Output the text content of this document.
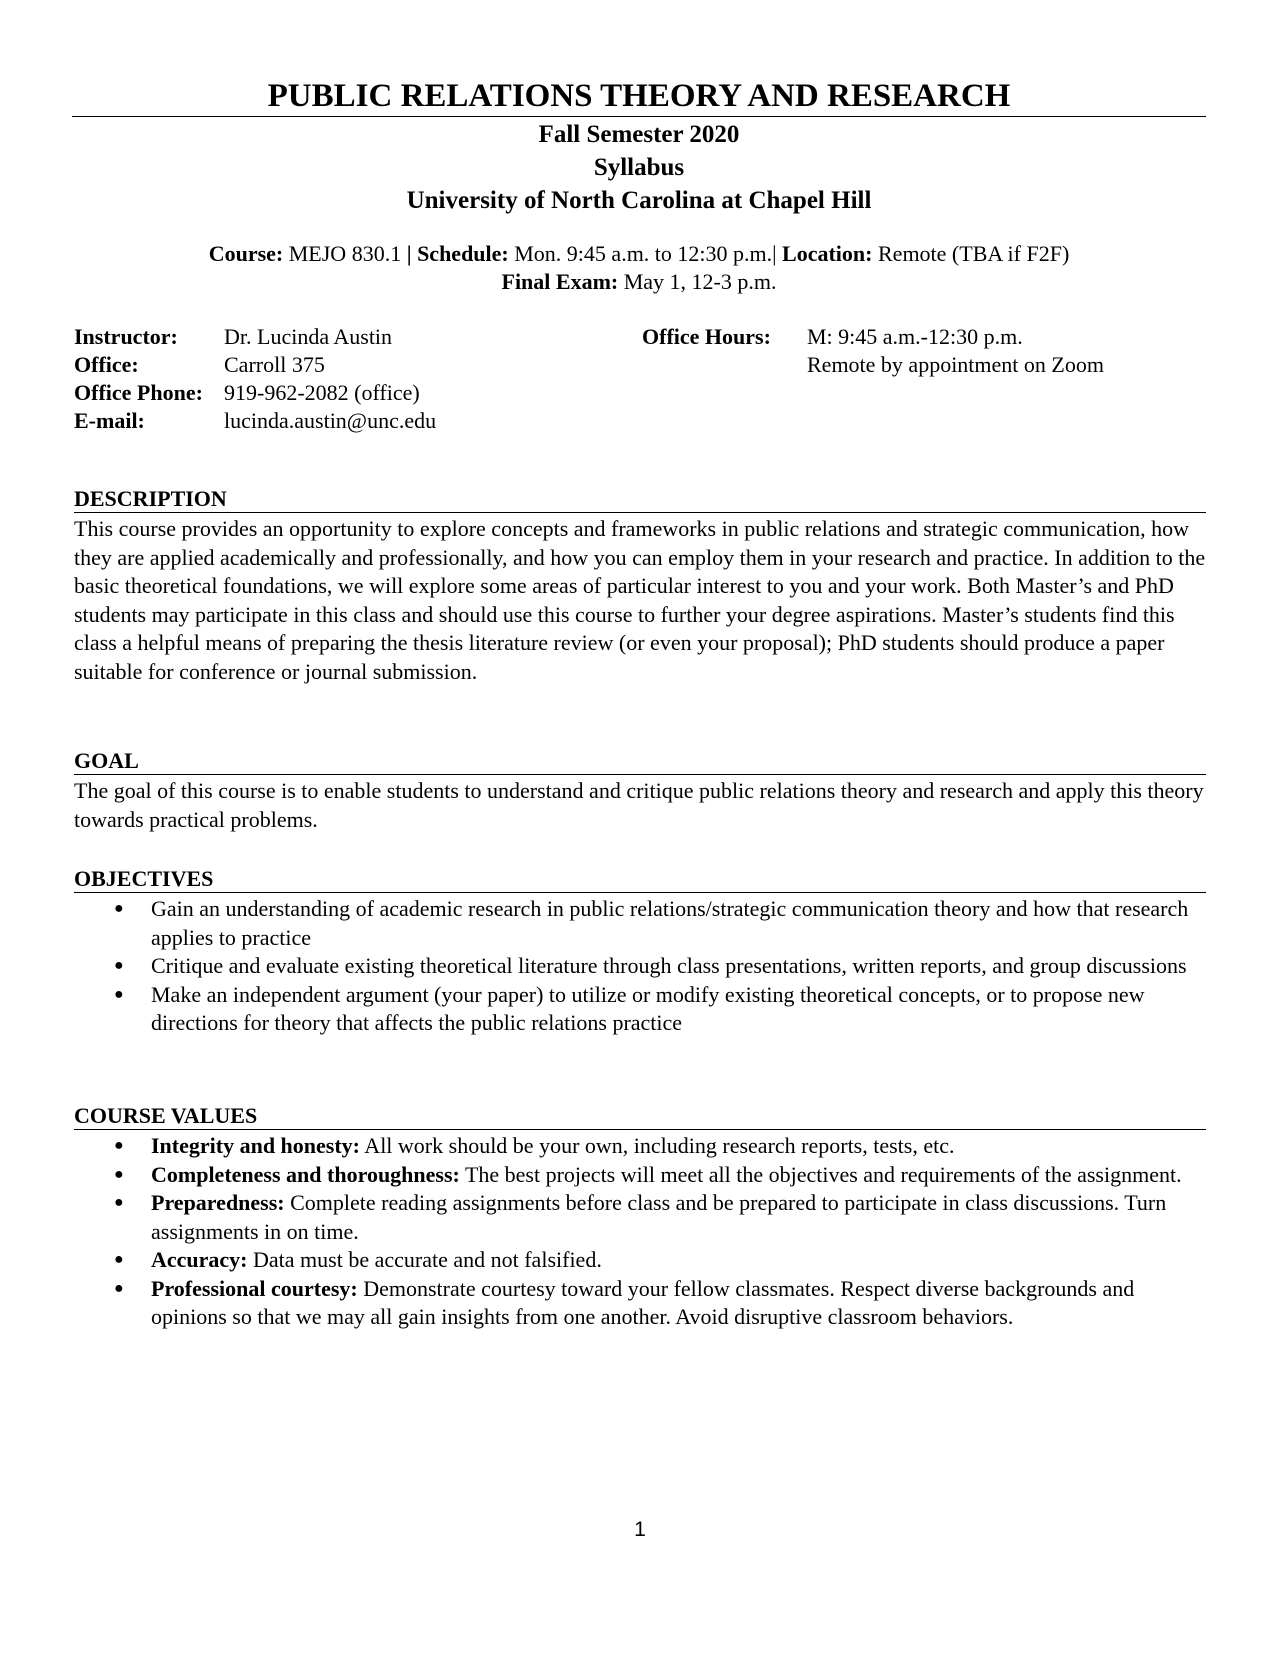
PUBLIC RELATIONS THEORY AND RESEARCH
Fall Semester 2020
Syllabus
University of North Carolina at Chapel Hill
Course: MEJO 830.1 | Schedule: Mon. 9:45 a.m. to 12:30 p.m.| Location: Remote (TBA if F2F)
Final Exam: May 1, 12-3 p.m.
Instructor:	Dr. Lucinda Austin
Office:	Carroll 375
Office Phone: 919-962-2082 (office)
E-mail:	lucinda.austin@unc.edu
Office Hours:	M: 9:45 a.m.-12:30 p.m.
Remote by appointment on Zoom
DESCRIPTION
This course provides an opportunity to explore concepts and frameworks in public relations and strategic communication, how they are applied academically and professionally, and how you can employ them in your research and practice. In addition to the basic theoretical foundations, we will explore some areas of particular interest to you and your work. Both Master’s and PhD students may participate in this class and should use this course to further your degree aspirations. Master’s students find this class a helpful means of preparing the thesis literature review (or even your proposal); PhD students should produce a paper suitable for conference or journal submission.
GOAL
The goal of this course is to enable students to understand and critique public relations theory and research and apply this theory towards practical problems.
OBJECTIVES
● Gain an understanding of academic research in public relations/strategic communication theory and how that research applies to practice
● Critique and evaluate existing theoretical literature through class presentations, written reports, and group discussions
● Make an independent argument (your paper) to utilize or modify existing theoretical concepts, or to propose new directions for theory that affects the public relations practice
COURSE VALUES
● Integrity and honesty: All work should be your own, including research reports, tests, etc.
● Completeness and thoroughness: The best projects will meet all the objectives and requirements of the assignment.
● Preparedness: Complete reading assignments before class and be prepared to participate in class discussions. Turn assignments in on time.
● Accuracy: Data must be accurate and not falsified.
● Professional courtesy: Demonstrate courtesy toward your fellow classmates. Respect diverse backgrounds and opinions so that we may all gain insights from one another. Avoid disruptive classroom behaviors.
1
